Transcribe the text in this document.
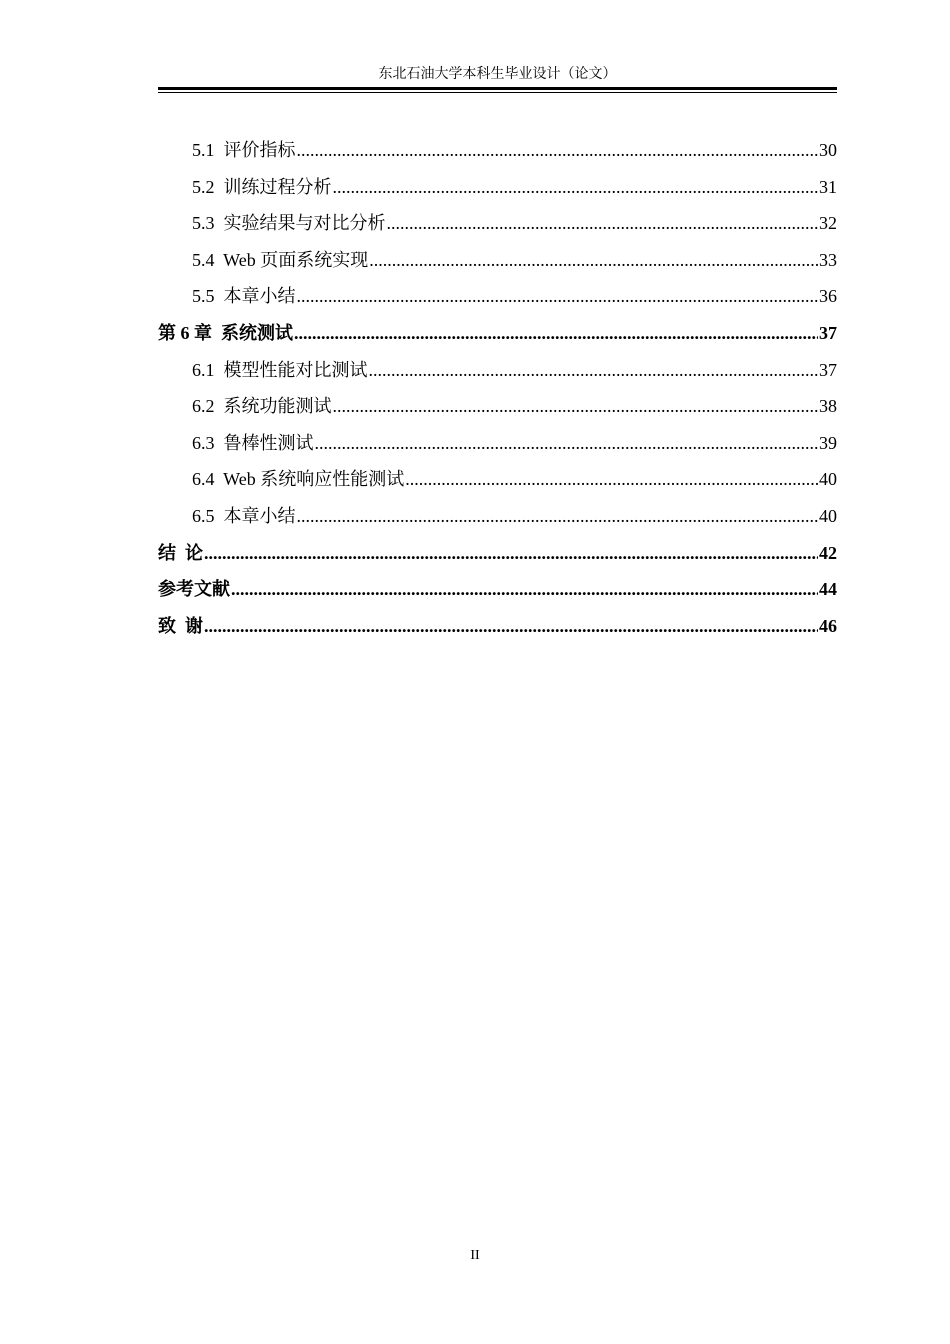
东北石油大学本科生毕业设计（论文）
5.1  评价指标 .....	30
5.2  训练过程分析 .....	31
5.3  实验结果与对比分析 .....	32
5.4  Web 页面系统实现 .....	33
5.5  本章小结 .....	36
第 6 章  系统测试 .....	37
6.1  模型性能对比测试 .....	37
6.2  系统功能测试 .....	38
6.3  鲁棒性测试 .....	39
6.4  Web 系统响应性能测试 .....	40
6.5  本章小结 .....	40
结  论 .....	42
参考文献 .....	44
致  谢 .....	46
II
